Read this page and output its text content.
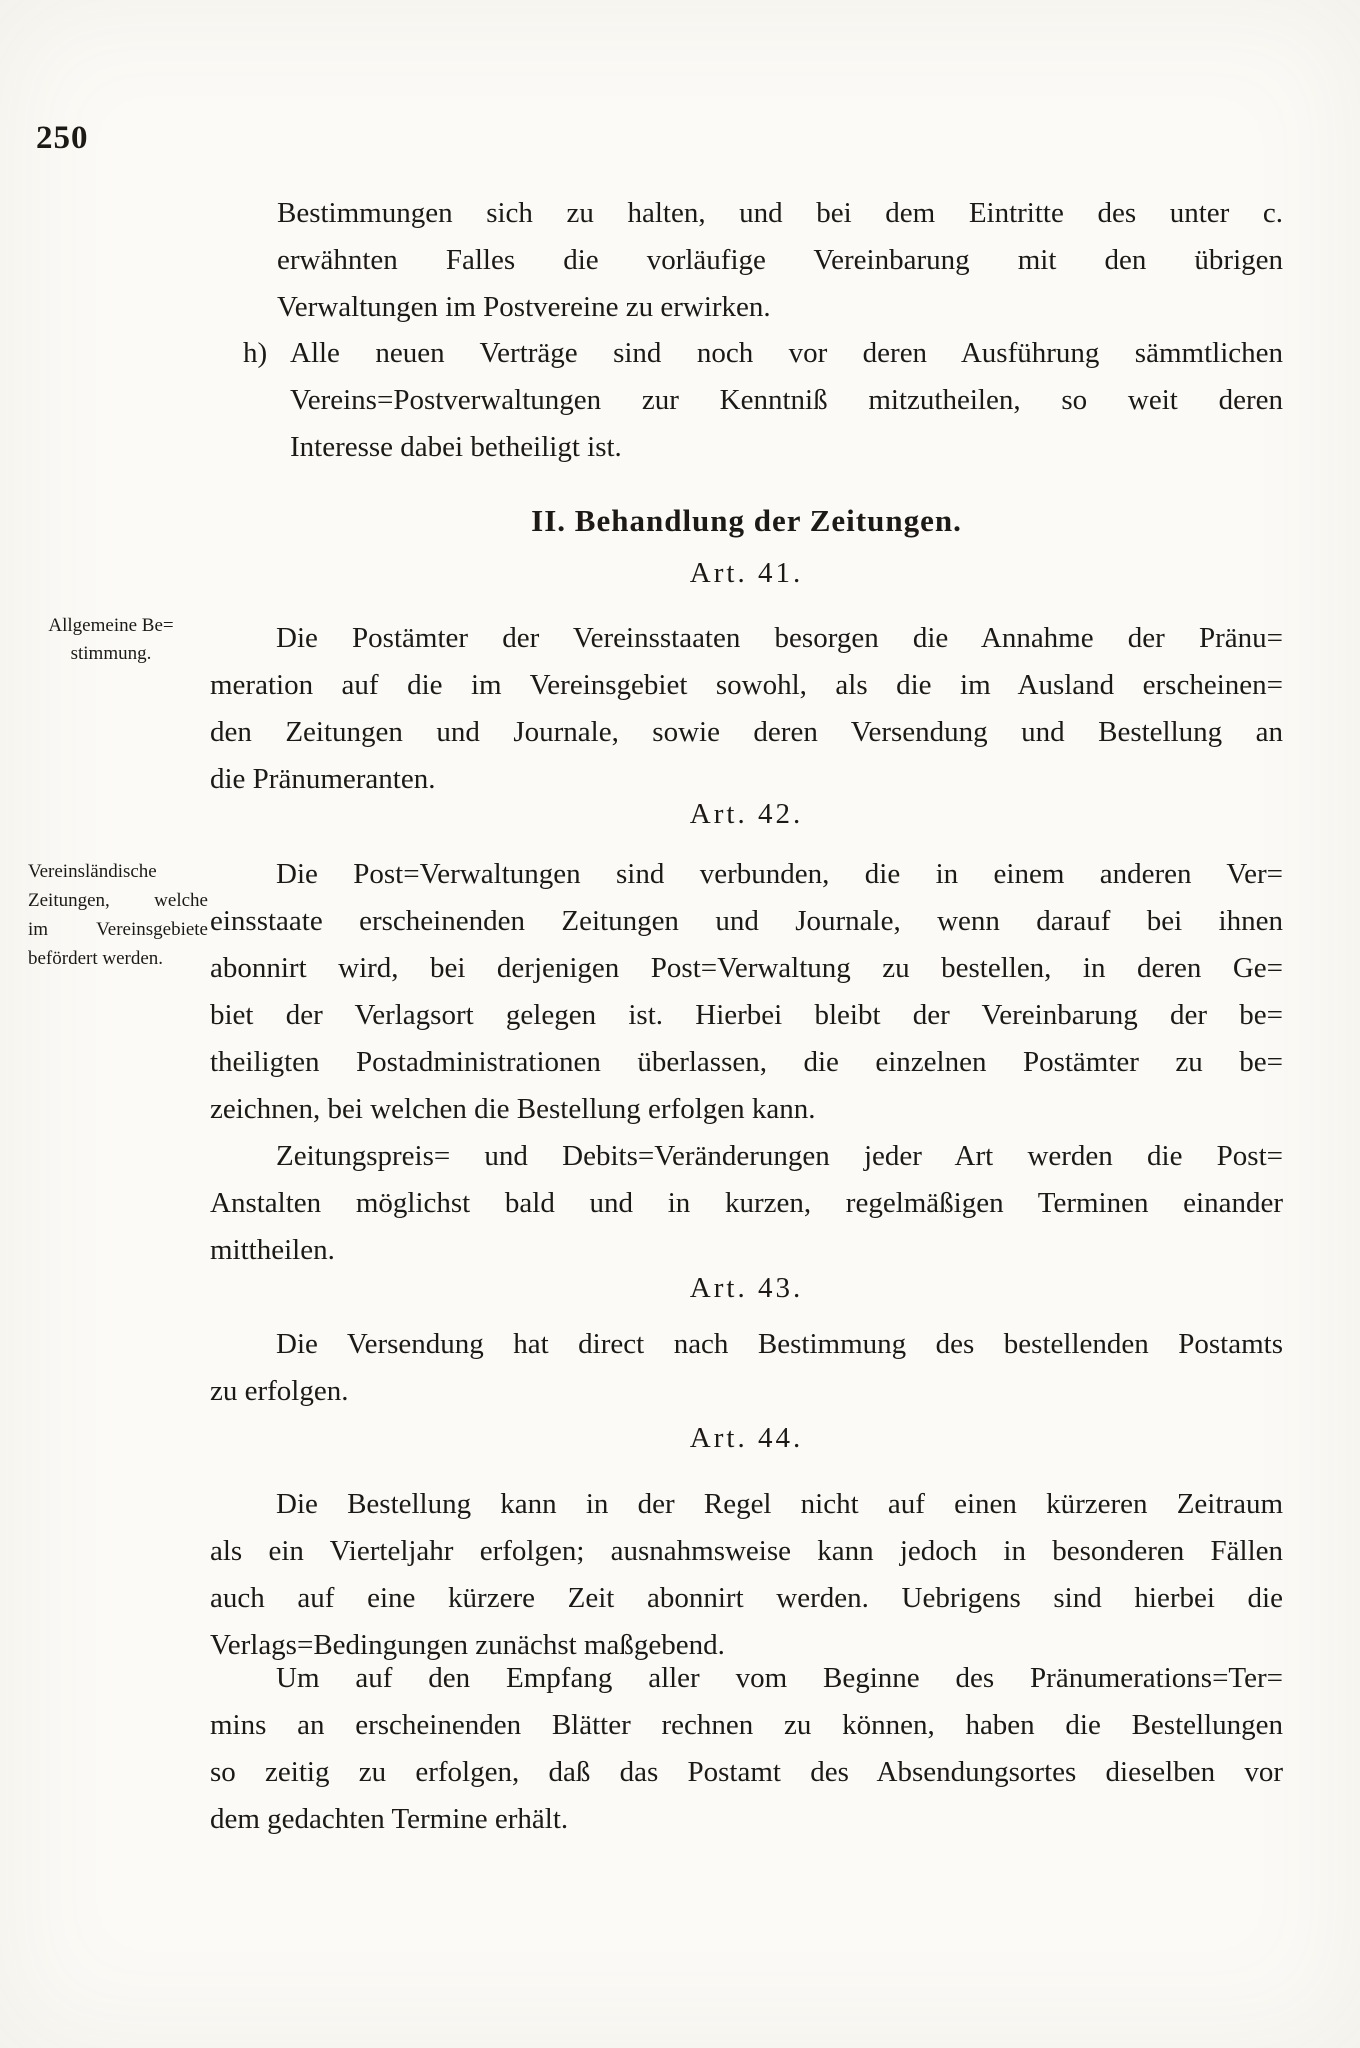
250
Bestimmungen sich zu halten, und bei dem Eintritte des unter c.
erwähnten Falles die vorläufige Vereinbarung mit den übrigen
Verwaltungen im Postvereine zu erwirken.
h) Alle neuen Verträge sind noch vor deren Ausführung sämmtlichen
Vereins=Postverwaltungen zur Kenntniß mitzutheilen, so weit deren
Interesse dabei betheiligt ist.
II. Behandlung der Zeitungen.
Art. 41.
Allgemeine Be=
stimmung.	Die Postämter der Vereinsstaaten besorgen die Annahme der Pränu=
meration auf die im Vereinsgebiet sowohl, als die im Ausland erscheinen=
den Zeitungen und Journale, sowie deren Versendung und Bestellung an
die Pränumeranten.
Art. 42.
Vereinsländische
Zeitungen, welche
im Vereinsgebiete
befördert werden.
Die Post=Verwaltungen sind verbunden, die in einem anderen Ver=
einsstaate erscheinenden Zeitungen und Journale, wenn darauf bei ihnen
abonnirt wird, bei derjenigen Post=Verwaltung zu bestellen, in deren Ge=
biet der Verlagsort gelegen ist. Hierbei bleibt der Vereinbarung der be=
theiligten Postadministrationen überlassen, die einzelnen Postämter zu be=
zeichnen, bei welchen die Bestellung erfolgen kann.
Zeitungspreis= und Debits=Veränderungen jeder Art werden die Post=
Anstalten möglichst bald und in kurzen, regelmäßigen Terminen einander
mittheilen.
Art. 43.
Die Versendung hat direct nach Bestimmung des bestellenden Postamts
zu erfolgen.
Art. 44.
Die Bestellung kann in der Regel nicht auf einen kürzeren Zeitraum
als ein Vierteljahr erfolgen; ausnahmsweise kann jedoch in besonderen Fällen
auch auf eine kürzere Zeit abonnirt werden. Uebrigens sind hierbei die
Verlags=Bedingungen zunächst maßgebend.
Um auf den Empfang aller vom Beginne des Pränumerations=Ter=
mins an erscheinenden Blätter rechnen zu können, haben die Bestellungen
so zeitig zu erfolgen, daß das Postamt des Absendungsortes dieselben vor
dem gedachten Termine erhält.
